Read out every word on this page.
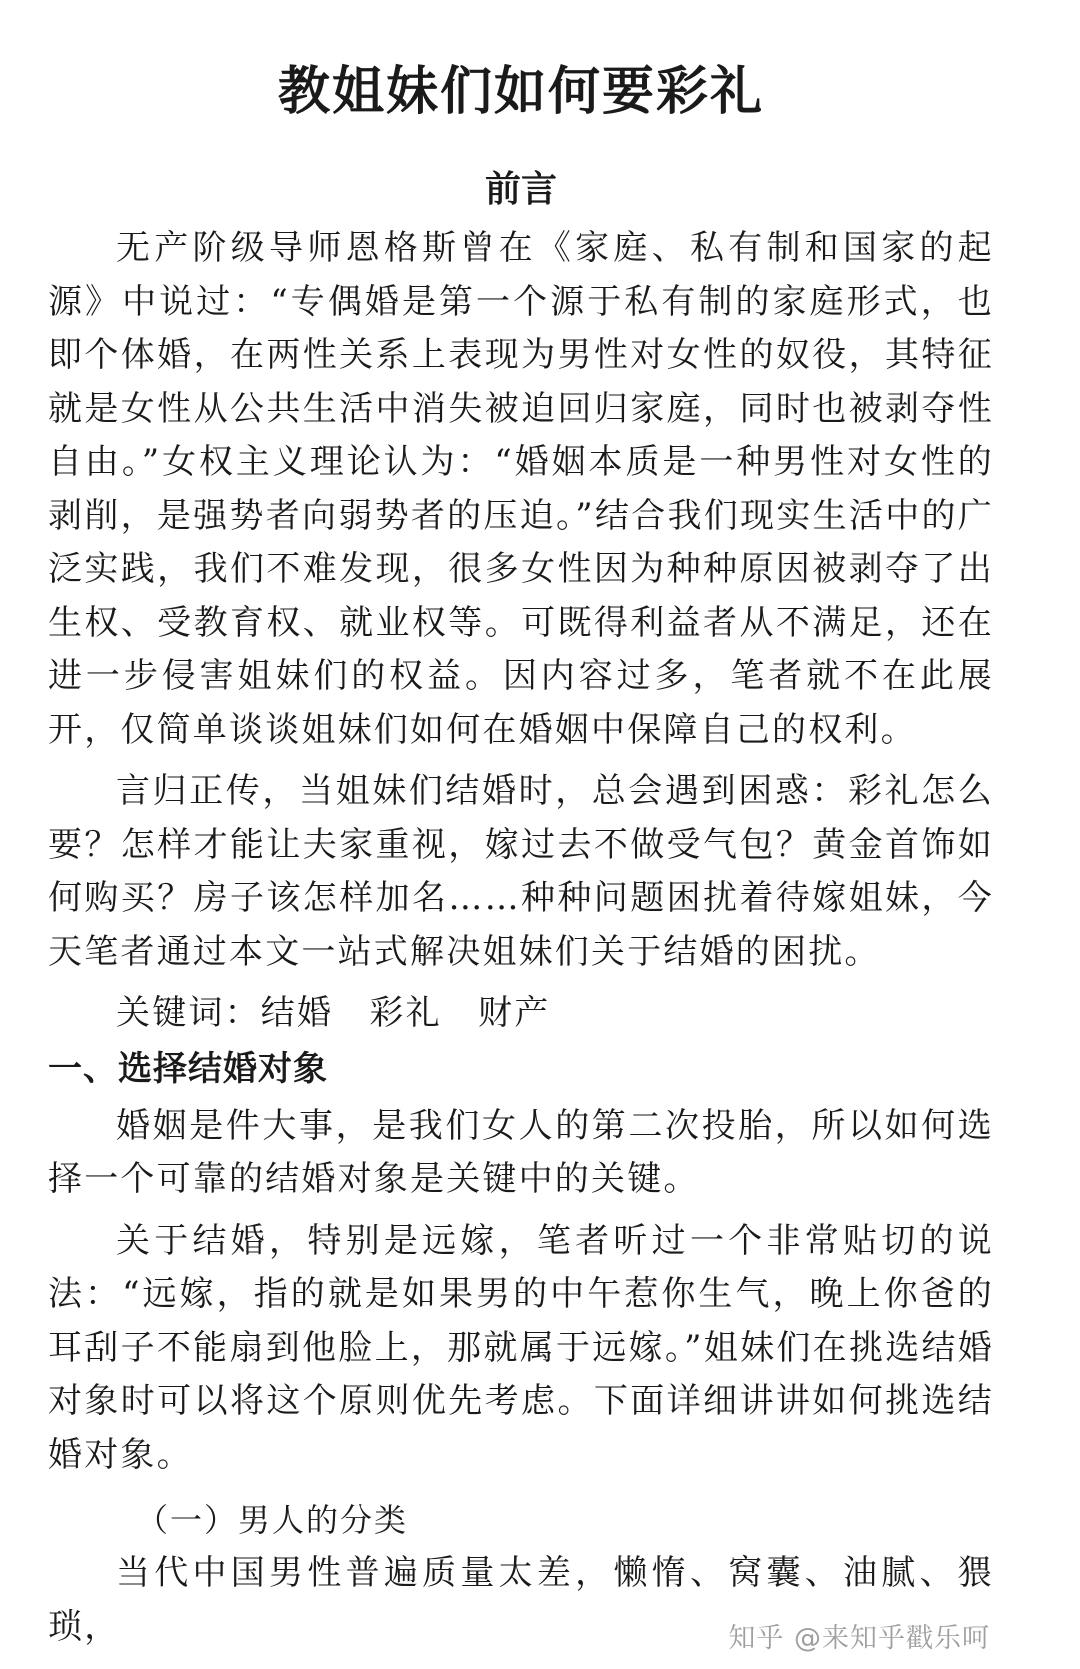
教姐妹们如何要彩礼
前言

无产阶级导师恩格斯曾在《家庭、私有制和国家的起源》中说过：“专偶婚是第一个源于私有制的家庭形式，也即个体婚，在两性关系上表现为男性对女性的奴役，其特征就是女性从公共生活中消失被迫回归家庭，同时也被剥夺性自由。”女权主义理论认为：“婚姻本质是一种男性对女性的剥削，是强势者向弱势者的压迫。”结合我们现实生活中的广泛实践，我们不难发现，很多女性因为种种原因被剥夺了出生权、受教育权、就业权等。可既得利益者从不满足，还在进一步侵害姐妹们的权益。因内容过多，笔者就不在此展开，仅简单谈谈姐妹们如何在婚姻中保障自己的权利。

言归正传，当姐妹们结婚时，总会遇到困惑：彩礼怎么要？怎样才能让夫家重视，嫁过去不做受气包？黄金首饰如何购买？房子该怎样加名……种种问题困扰着待嫁姐妹，今天笔者通过本文一站式解决姐妹们关于结婚的困扰。

关键词：结婚　彩礼　财产

一、选择结婚对象

婚姻是件大事，是我们女人的第二次投胎，所以如何选择一个可靠的结婚对象是关键中的关键。

关于结婚，特别是远嫁，笔者听过一个非常贴切的说法：“远嫁，指的就是如果男的中午惹你生气，晚上你爸的耳刮子不能扇到他脸上，那就属于远嫁。”姐妹们在挑选结婚对象时可以将这个原则优先考虑。下面详细讲讲如何挑选结婚对象。

（一）男人的分类

当代中国男性普遍质量太差，懒惰、窝囊、油腻、猥琐，	知乎 @来知乎戳乐呵
